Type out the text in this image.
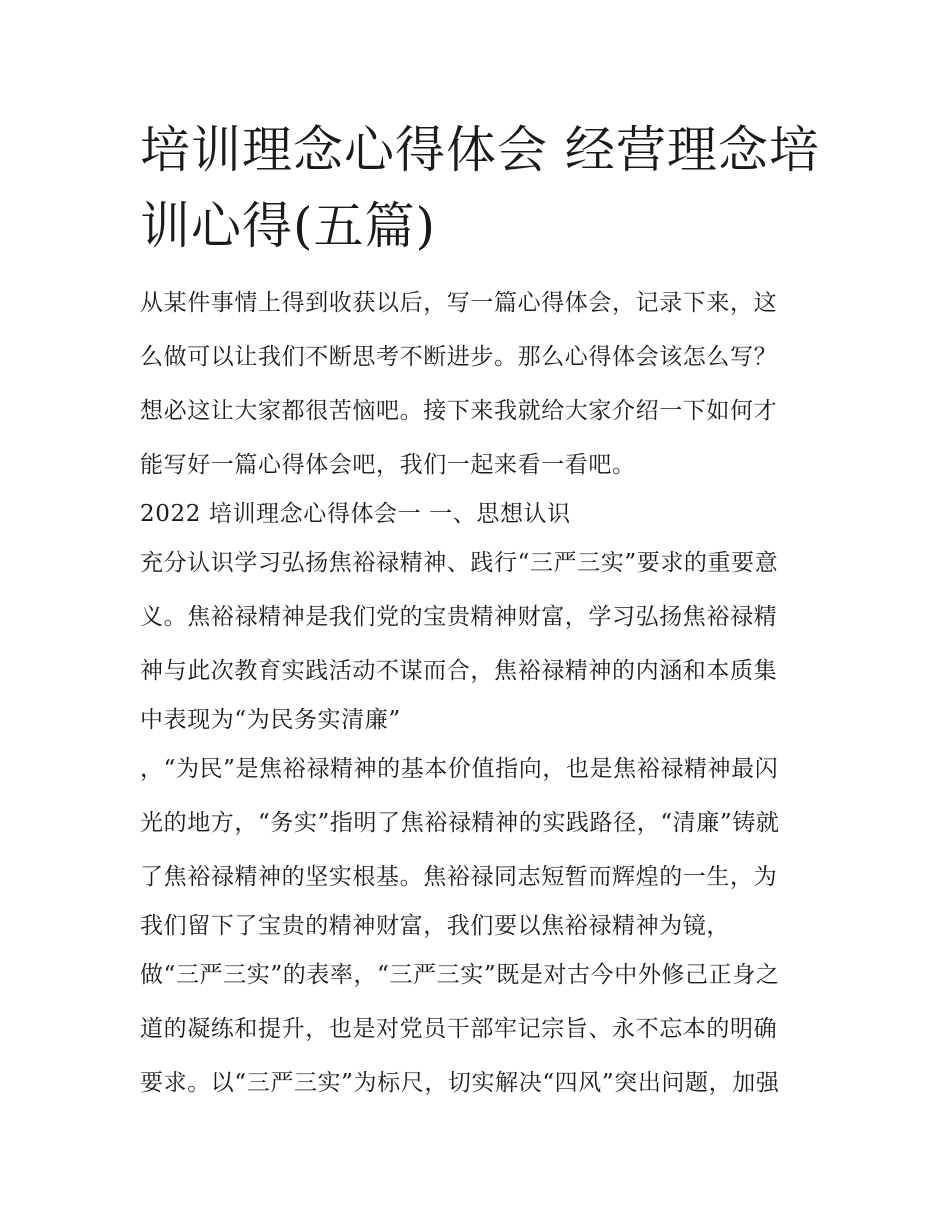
培训理念心得体会 经营理念培训心得(五篇)
从某件事情上得到收获以后，写一篇心得体会，记录下来，这
么做可以让我们不断思考不断进步。那么心得体会该怎么写？
想必这让大家都很苦恼吧。接下来我就给大家介绍一下如何才
能写好一篇心得体会吧，我们一起来看一看吧。
2022 培训理念心得体会一 一、思想认识
充分认识学习弘扬焦裕禄精神、践行“三严三实”要求的重要意
义。焦裕禄精神是我们党的宝贵精神财富，学习弘扬焦裕禄精
神与此次教育实践活动不谋而合，焦裕禄精神的内涵和本质集
中表现为“为民务实清廉”
，“为民”是焦裕禄精神的基本价值指向，也是焦裕禄精神最闪
光的地方，“务实”指明了焦裕禄精神的实践路径，“清廉”铸就
了焦裕禄精神的坚实根基。焦裕禄同志短暂而辉煌的一生，为
我们留下了宝贵的精神财富，我们要以焦裕禄精神为镜，
做“三严三实”的表率，“三严三实”既是对古今中外修己正身之
道的凝练和提升，也是对党员干部牢记宗旨、永不忘本的明确
要求。以“三严三实”为标尺，切实解决“四风”突出问题，加强
